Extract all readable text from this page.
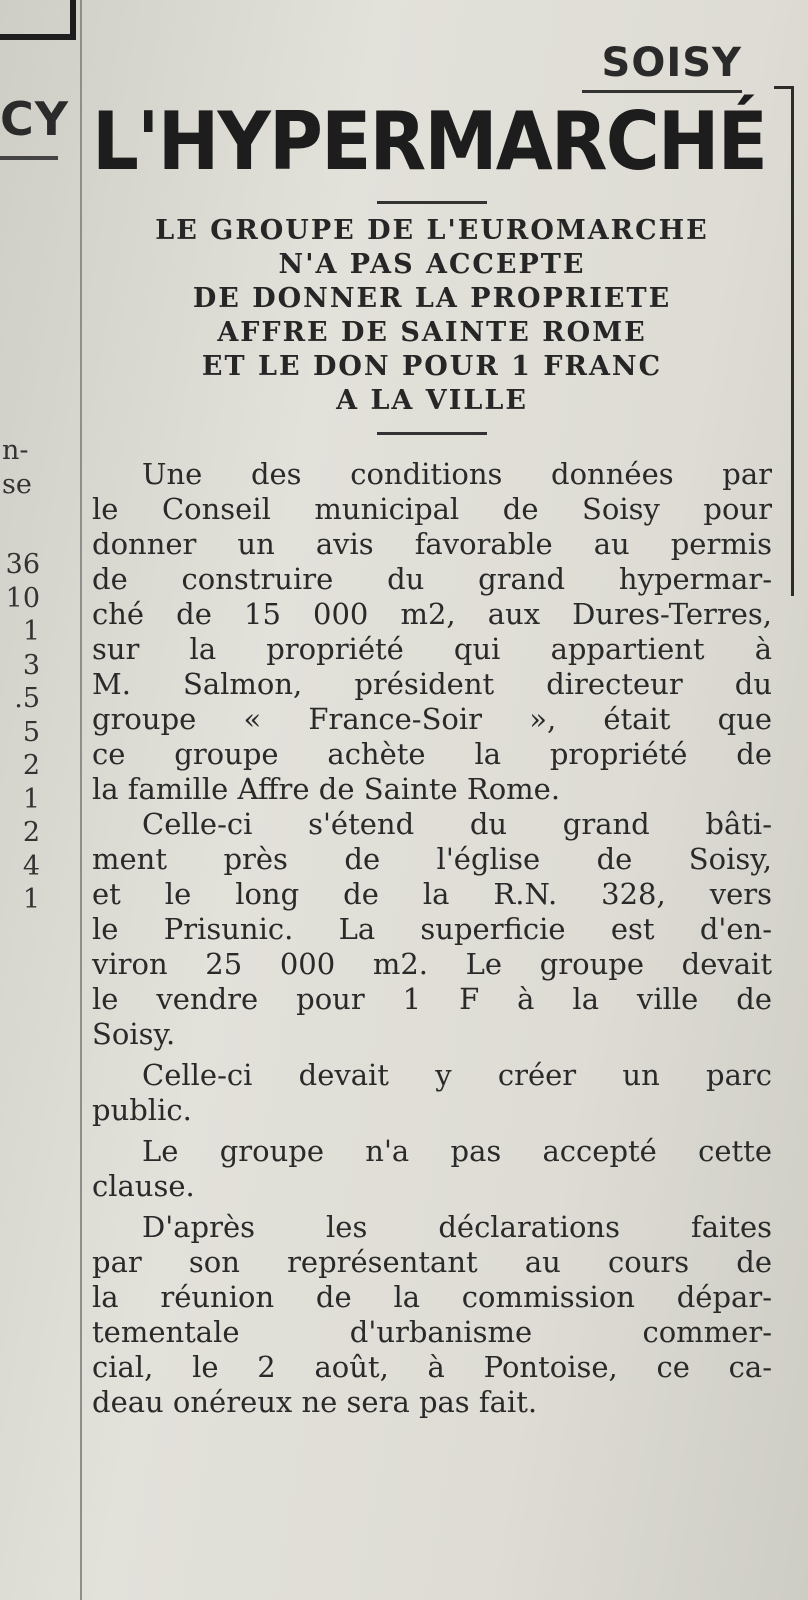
CY
n-
se
36
10
1
3
.5
5
2
1
2
4
1
SOISY
L'HYPERMARCHÉ
LE GROUPE DE L'EUROMARCHE
N'A PAS ACCEPTE
DE DONNER LA PROPRIETE
AFFRE DE SAINTE ROME
ET LE DON POUR 1 FRANC
A LA VILLE
Une des conditions données par
le Conseil municipal de Soisy pour
donner un avis favorable au permis
de construire du grand hypermar-
ché de 15 000 m2, aux Dures-Terres,
sur la propriété qui appartient à
M. Salmon, président directeur du
groupe « France-Soir », était que
ce groupe achète la propriété de
la famille Affre de Sainte Rome.
Celle-ci s'étend du grand bâti-
ment près de l'église de Soisy,
et le long de la R.N. 328, vers
le Prisunic. La superficie est d'en-
viron 25 000 m2. Le groupe devait
le vendre pour 1 F à la ville de
Soisy.
Celle-ci devait y créer un parc
public.
Le groupe n'a pas accepté cette
clause.
D'après les déclarations faites
par son représentant au cours de
la réunion de la commission dépar-
tementale d'urbanisme commer-
cial, le 2 août, à Pontoise, ce ca-
deau onéreux ne sera pas fait.
